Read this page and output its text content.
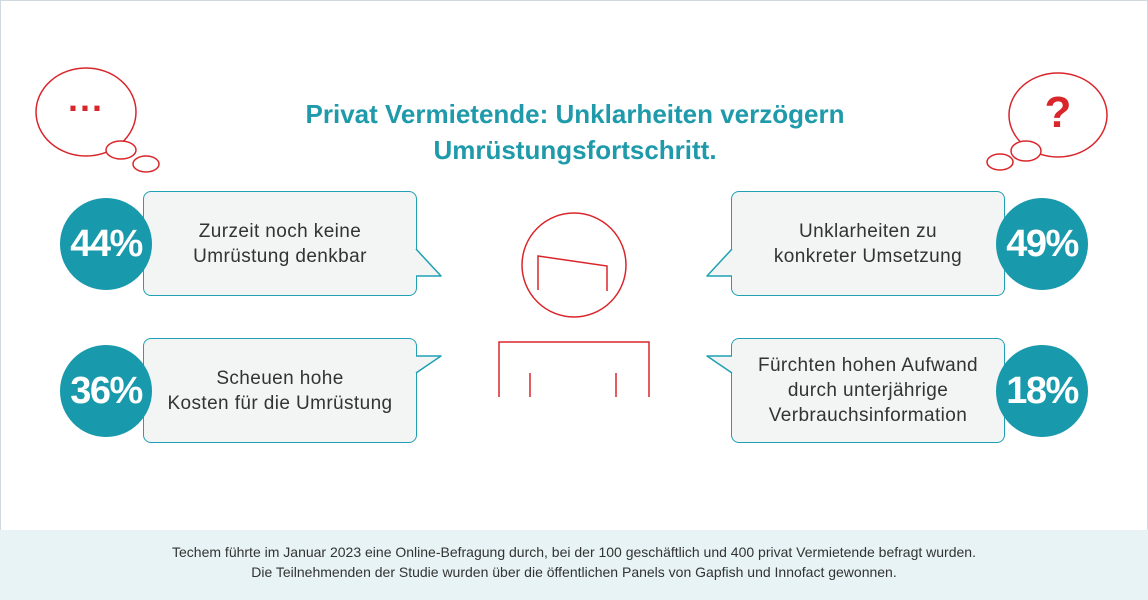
Privat Vermietende: Unklarheiten verzögern
Umrüstungsfortschritt.
...	?
Zurzeit noch keine
Umrüstung denkbar
Scheuen hohe
Kosten für die Umrüstung
Unklarheiten zu
konkreter Umsetzung
Fürchten hohen Aufwand
durch unterjährige
Verbrauchsinformation
44%
36%
49%
18%
Techem führte im Januar 2023 eine Online-Befragung durch, bei der 100 geschäftlich und 400 privat Vermietende befragt wurden.
Die Teilnehmenden der Studie wurden über die öffentlichen Panels von Gapfish und Innofact gewonnen.
